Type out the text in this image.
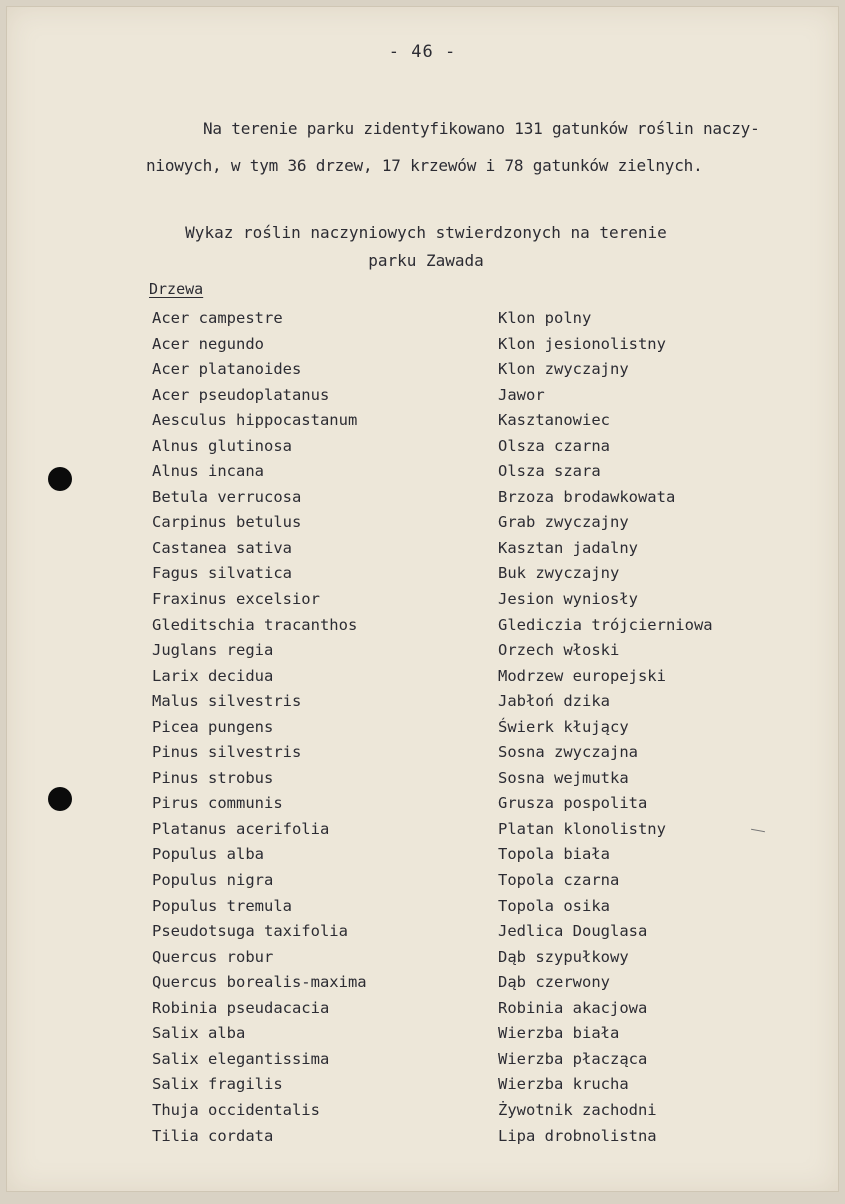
- 46 -
Na terenie parku zidentyfikowano 131 gatunków roślin naczy-
niowych, w tym 36 drzew, 17 krzewów i 78 gatunków zielnych.
Wykaz roślin naczyniowych stwierdzonych na terenie
parku Zawada
Drzewa
Acer campestre	Klon polny
Acer negundo	Klon jesionolistny
Acer platanoides	Klon zwyczajny
Acer pseudoplatanus	Jawor
Aesculus hippocastanum	Kasztanowiec
Alnus glutinosa	Olsza czarna
Alnus incana	Olsza szara
Betula verrucosa	Brzoza brodawkowata
Carpinus betulus	Grab zwyczajny
Castanea sativa	Kasztan jadalny
Fagus silvatica	Buk zwyczajny
Fraxinus excelsior	Jesion wyniosły
Gleditschia tracanthos	Glediczia trójcierniowa
Juglans regia	Orzech włoski
Larix decidua	Modrzew europejski
Malus silvestris	Jabłoń dzika
Picea pungens	Świerk kłujący
Pinus silvestris	Sosna zwyczajna
Pinus strobus	Sosna wejmutka
Pirus communis	Grusza pospolita
Platanus acerifolia	Platan klonolistny
Populus alba	Topola biała
Populus nigra	Topola czarna
Populus tremula	Topola osika
Pseudotsuga taxifolia	Jedlica Douglasa
Quercus robur	Dąb szypułkowy
Quercus borealis-maxima	Dąb czerwony
Robinia pseudacacia	Robinia akacjowa
Salix alba	Wierzba biała
Salix elegantissima	Wierzba płacząca
Salix fragilis	Wierzba krucha
Thuja occidentalis	Żywotnik zachodni
Tilia cordata	Lipa drobnolistna
